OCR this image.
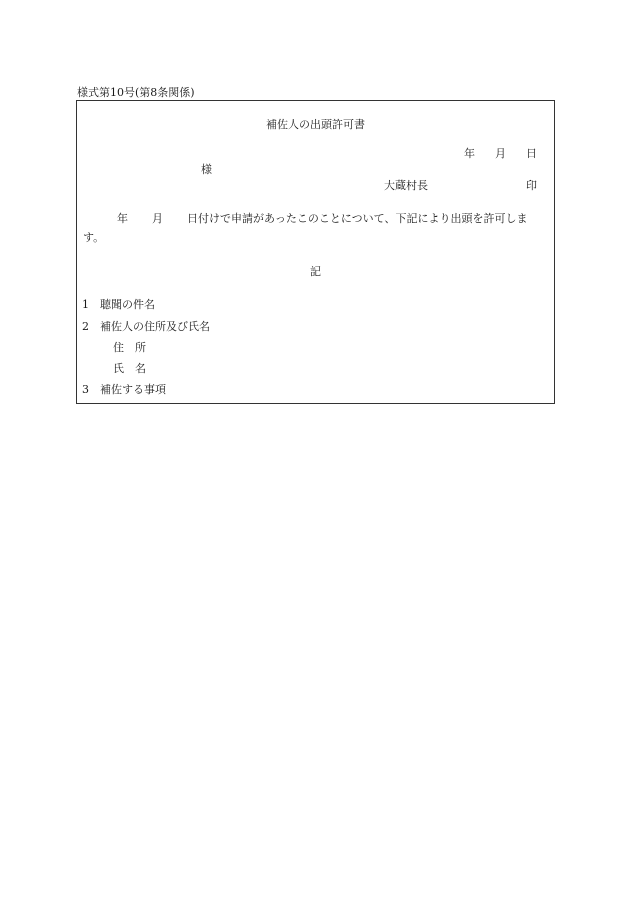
様式第10号(第8条関係)
補佐人の出頭許可書
年 月 日
様
大蔵村長	印
年 月 日付けで申請があったこのことについて、下記により出頭を許可します。
記
1 聴聞の件名
2 補佐人の住所及び氏名
住　所
氏　名
3 補佐する事項
